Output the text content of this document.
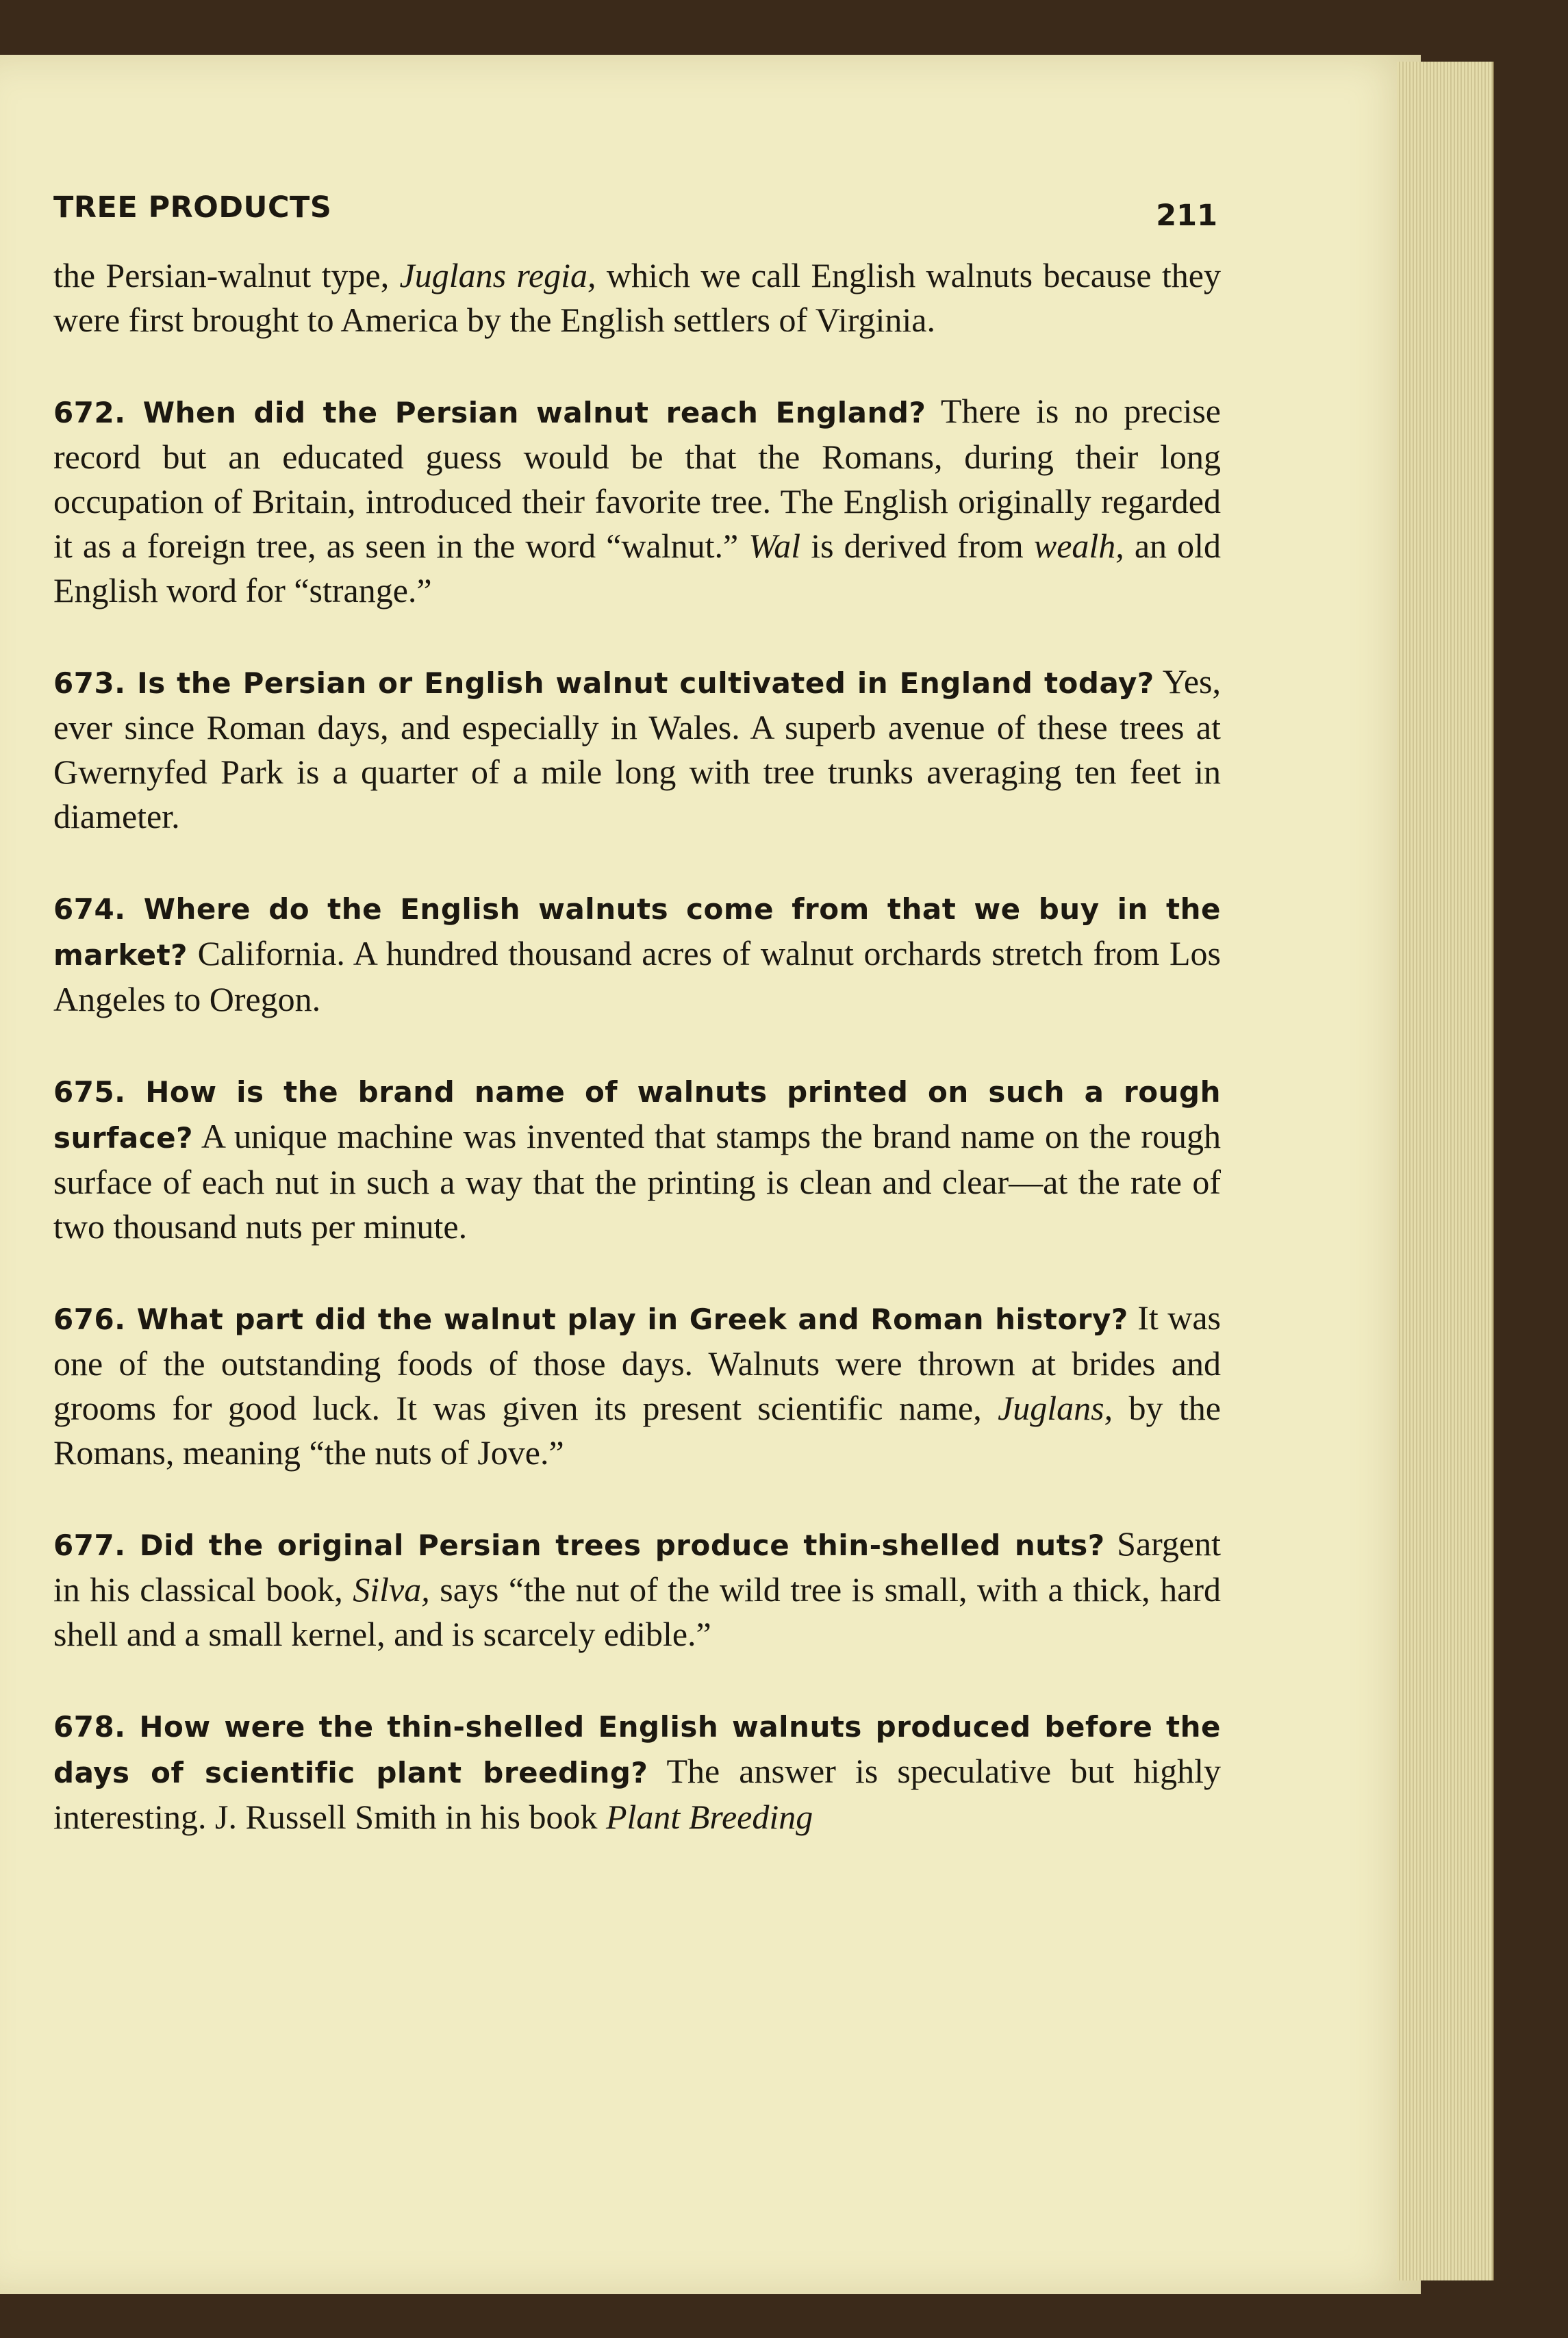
TREE PRODUCTS	211

the Persian-walnut type, Juglans regia, which we call English walnuts because they were first brought to America by the English settlers of Virginia.

672. When did the Persian walnut reach England? There is no precise record but an educated guess would be that the Romans, during their long occupation of Britain, introduced their favorite tree. The English originally regarded it as a foreign tree, as seen in the word “walnut.” Wal is derived from wealh, an old English word for “strange.”

673. Is the Persian or English walnut cultivated in England today? Yes, ever since Roman days, and especially in Wales. A superb avenue of these trees at Gwernyfed Park is a quarter of a mile long with tree trunks averaging ten feet in diameter.

674. Where do the English walnuts come from that we buy in the market? California. A hundred thousand acres of walnut orchards stretch from Los Angeles to Oregon.

675. How is the brand name of walnuts printed on such a rough surface? A unique machine was invented that stamps the brand name on the rough surface of each nut in such a way that the printing is clean and clear—at the rate of two thousand nuts per minute.

676. What part did the walnut play in Greek and Roman history? It was one of the outstanding foods of those days. Walnuts were thrown at brides and grooms for good luck. It was given its present scientific name, Juglans, by the Romans, meaning “the nuts of Jove.”

677. Did the original Persian trees produce thin-shelled nuts? Sargent in his classical book, Silva, says “the nut of the wild tree is small, with a thick, hard shell and a small kernel, and is scarcely edible.”

678. How were the thin-shelled English walnuts produced before the days of scientific plant breeding? The answer is speculative but highly interesting. J. Russell Smith in his book Plant Breeding
